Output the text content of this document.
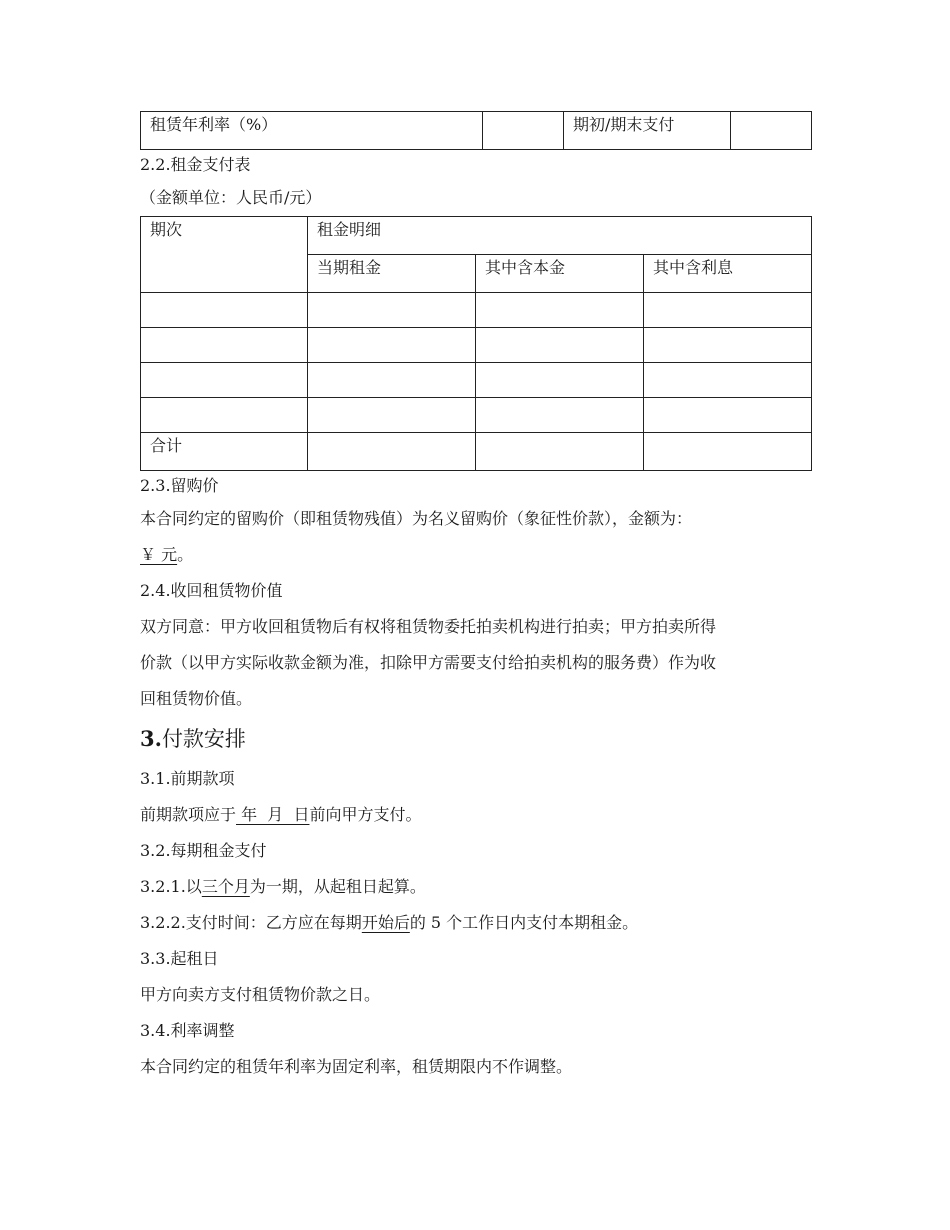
租赁年利率（%）		期初/期末支付	

2.2.租金支付表

（金额单位：人民币/元）

期次	租金明细		
	当期租金	其中含本金	其中含利息

合计			

2.3.留购价

本合同约定的留购价（即租赁物残值）为名义留购价（象征性价款），金额为：

￥ 元。

2.4.收回租赁物价值

双方同意：甲方收回租赁物后有权将租赁物委托拍卖机构进行拍卖；甲方拍卖所得

价款（以甲方实际收款金额为准，扣除甲方需要支付给拍卖机构的服务费）作为收

回租赁物价值。

3.付款安排

3.1.前期款项

前期款项应于 年  月  日前向甲方支付。

3.2.每期租金支付

3.2.1.以三个月为一期，从起租日起算。

3.2.2.支付时间：乙方应在每期开始后的 5 个工作日内支付本期租金。

3.3.起租日

甲方向卖方支付租赁物价款之日。

3.4.利率调整

本合同约定的租赁年利率为固定利率，租赁期限内不作调整。
